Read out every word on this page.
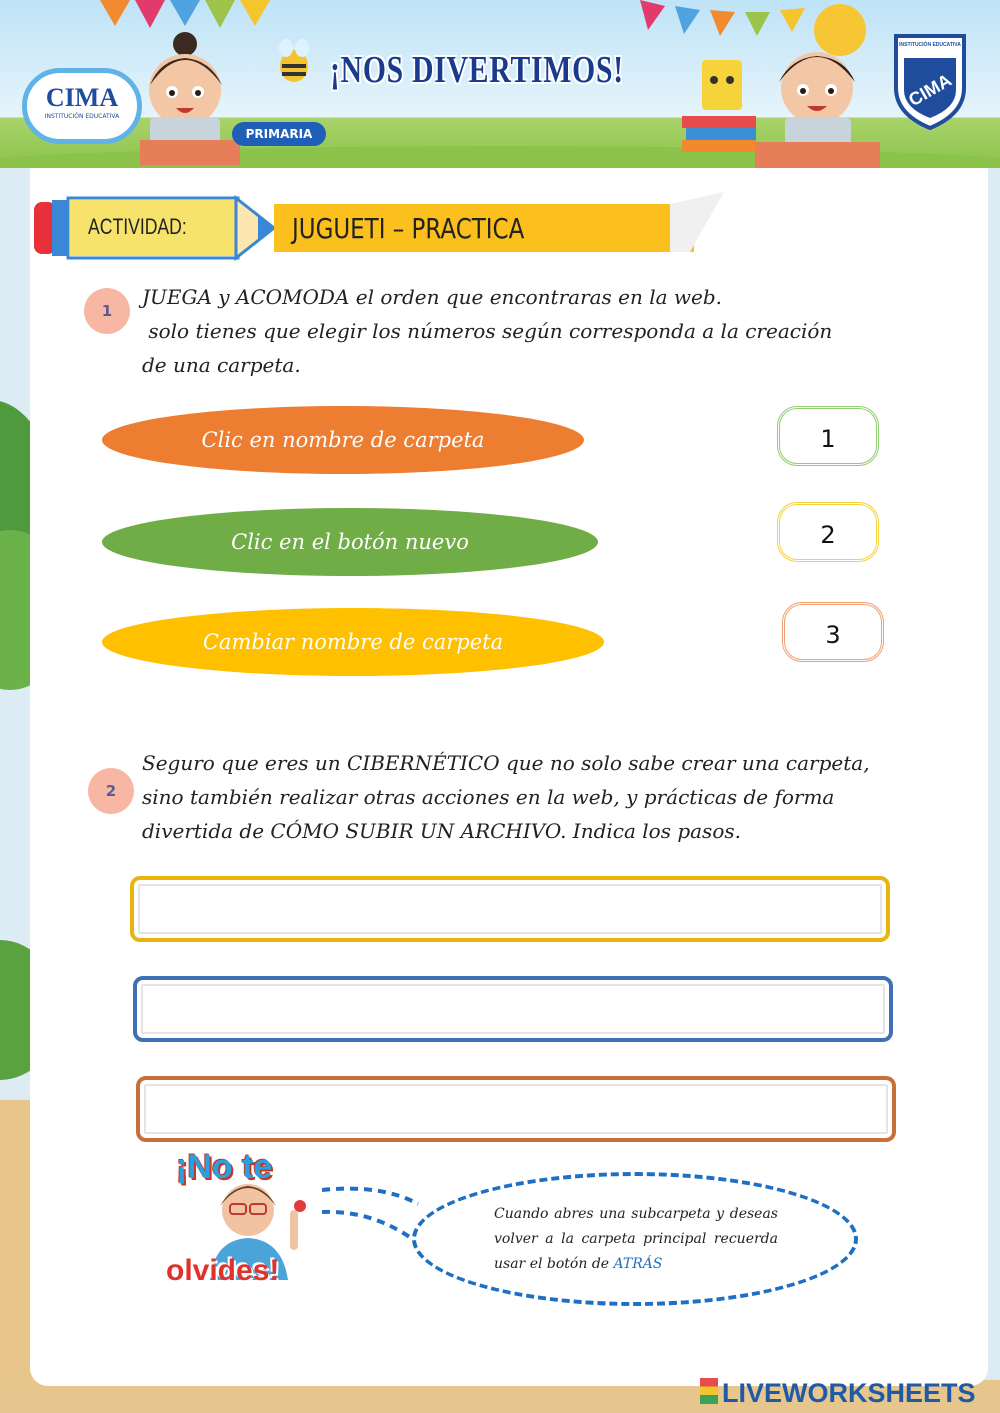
CIMA
INSTITUCIÓN EDUCATIVA
¡NOS DIVERTIMOS!
PRIMARIA
INSTITUCIÓN EDUCATIVA
CIMA
ACTIVIDAD:	JUGUETI – PRACTICA
1
JUEGA y ACOMODA el orden que encontraras en la web.
solo tienes que elegir los números según corresponda a la creación
de una carpeta.
Clic en nombre de carpeta
Clic en el botón nuevo
Cambiar nombre de carpeta
1
2
3
2
Seguro que eres un CIBERNÉTICO que no solo sabe crear una carpeta,
sino también realizar otras acciones en la web, y prácticas de forma
divertida de CÓMO SUBIR UN ARCHIVO. Indica los pasos.
¡No te
olvides!
Cuando abres una subcarpeta y deseas volver a la carpeta principal recuerda usar el botón de ATRÁS
LIVEWORKSHEETS
